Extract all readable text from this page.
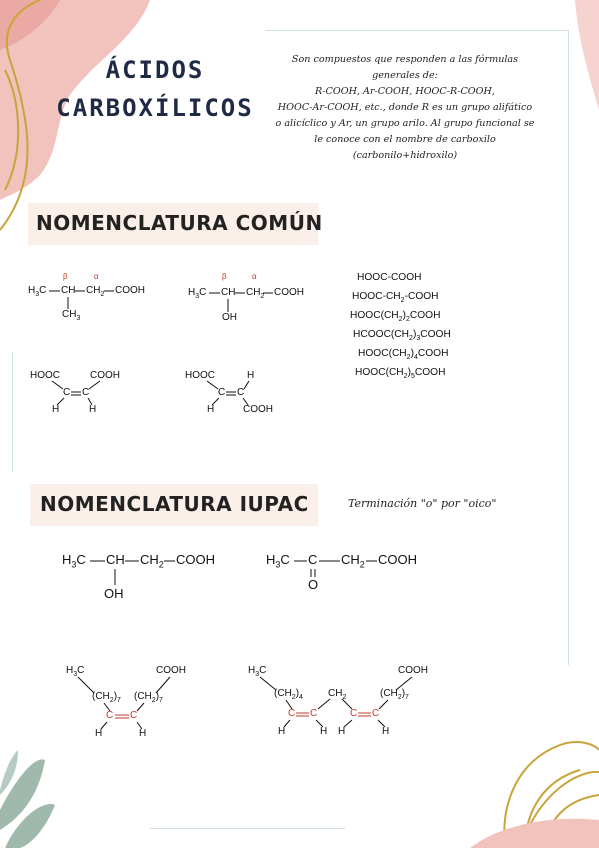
ÁCIDOS
CARBOXÍLICOS
Son compuestos que responden a las fórmulas
generales de:
R-COOH, Ar-COOH, HOOC-R-COOH,
HOOC-Ar-COOH, etc., donde R es un grupo alifático
o alicíclico y Ar, un grupo arilo. Al grupo funcional se
le conoce con el nombre de carboxilo
(carbonilo+hidroxilo)
NOMENCLATURA COMÚN
β	α
$H_3C$ CH $CH_2$ COOH
$CH_3$
β	α
$H_3C$ CH $CH_2$ COOH
OH
HOOC-COOH
HOOC-$CH_2$-COOH
$HOOC(CH_2)_2COOH$
$HCOOC(CH_2)_3COOH$
$HOOC(CH_2)_4COOH$
$HOOC(CH_2)_5COOH$
HOOC	COOH
C C
H	H
HOOC	H
C C
H	COOH
NOMENCLATURA IUPAC	Terminación "o" por "oico"
$H_3C$ CH $CH_2$ COOH
OH
$H_3C$ C $CH_2$ COOH
O
$H_3C$	COOH
$(CH_2)_7$ $(CH_2)_7$
C C
H	H
$H_3C$	COOH
$(CH_2)_4$	$CH_2$	$(CH_2)_7$
C C	C C
H	H H	H
